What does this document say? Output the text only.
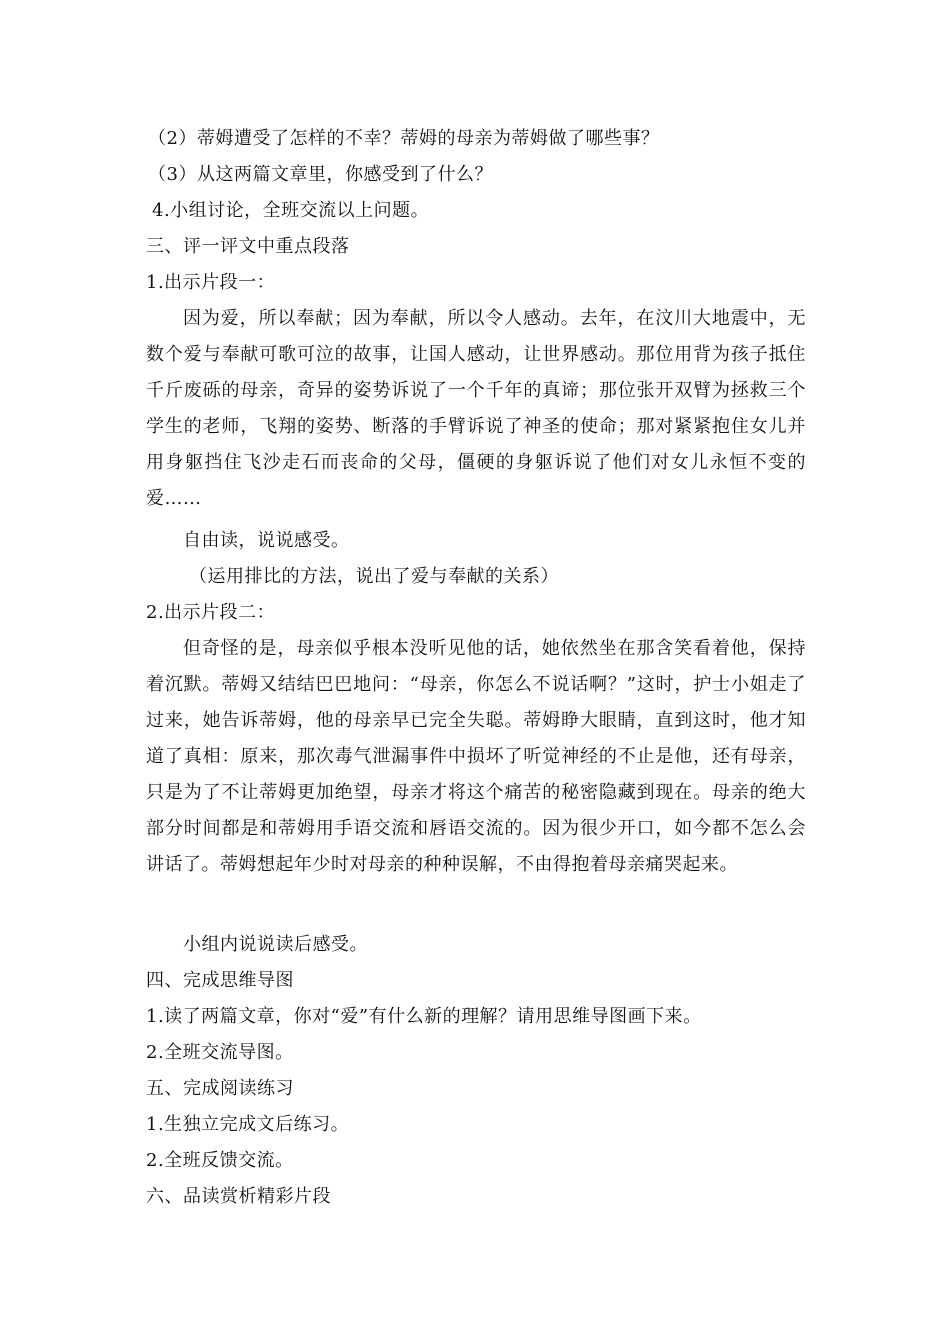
（2）蒂姆遭受了怎样的不幸？蒂姆的母亲为蒂姆做了哪些事？
（3）从这两篇文章里，你感受到了什么？
4.小组讨论，全班交流以上问题。
三、评一评文中重点段落
1.出示片段一：

因为爱，所以奉献；因为奉献，所以令人感动。去年，在汶川大地震中，无数个爱与奉献可歌可泣的故事，让国人感动，让世界感动。那位用背为孩子抵住千斤废砾的母亲，奇异的姿势诉说了一个千年的真谛；那位张开双臂为拯救三个学生的老师，飞翔的姿势、断落的手臂诉说了神圣的使命；那对紧紧抱住女儿并用身躯挡住飞沙走石而丧命的父母，僵硬的身躯诉说了他们对女儿永恒不变的爱……

自由读，说说感受。
（运用排比的方法，说出了爱与奉献的关系）
2.出示片段二：

但奇怪的是，母亲似乎根本没听见他的话，她依然坐在那含笑看着他，保持着沉默。蒂姆又结结巴巴地问：“母亲，你怎么不说话啊？”这时，护士小姐走了过来，她告诉蒂姆，他的母亲早已完全失聪。蒂姆睁大眼睛，直到这时，他才知道了真相：原来，那次毒气泄漏事件中损坏了听觉神经的不止是他，还有母亲，只是为了不让蒂姆更加绝望，母亲才将这个痛苦的秘密隐藏到现在。母亲的绝大部分时间都是和蒂姆用手语交流和唇语交流的。因为很少开口，如今都不怎么会讲话了。蒂姆想起年少时对母亲的种种误解，不由得抱着母亲痛哭起来。

小组内说说读后感受。
四、完成思维导图
1.读了两篇文章，你对“爱”有什么新的理解？请用思维导图画下来。
2.全班交流导图。
五、完成阅读练习
1.生独立完成文后练习。
2.全班反馈交流。
六、品读赏析精彩片段
